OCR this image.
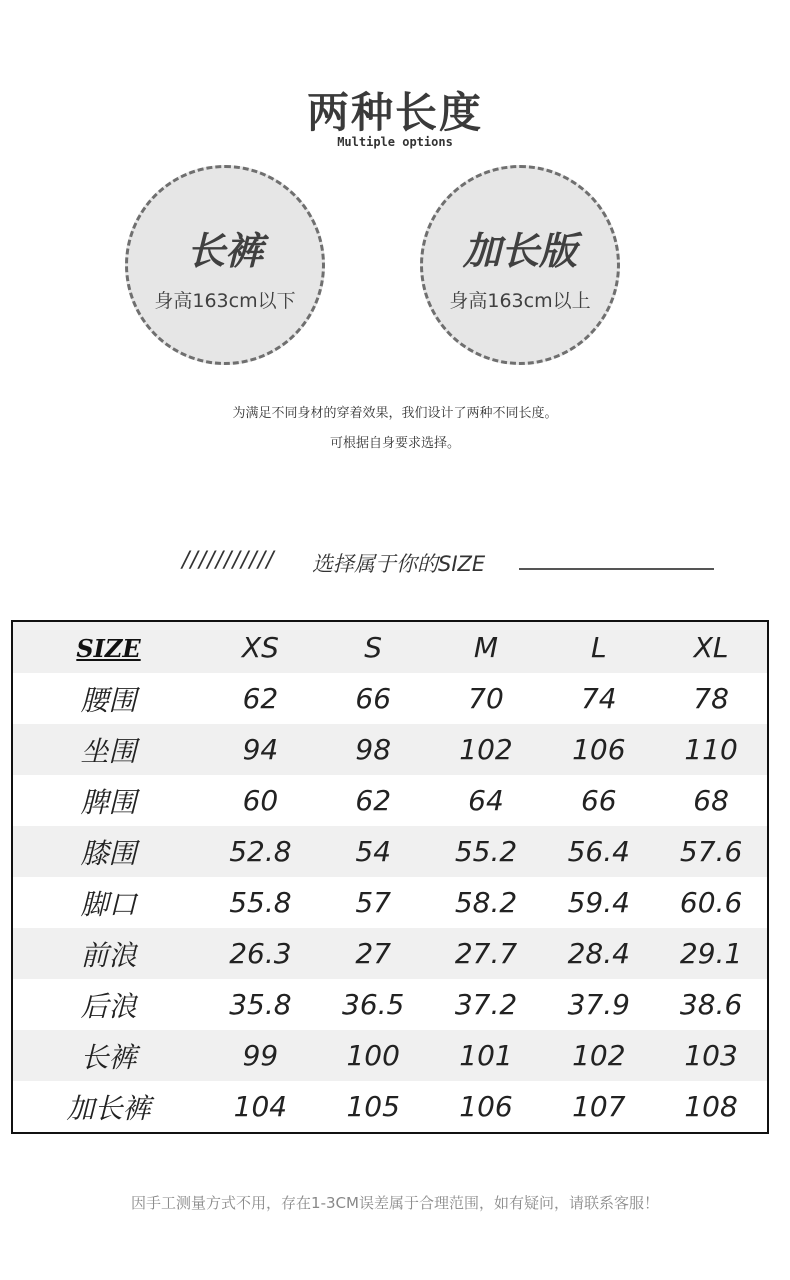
两种长度
Multiple options
长裤
身高163cm以下
加长版
身高163cm以上
为满足不同身材的穿着效果，我们设计了两种不同长度。
可根据自身要求选择。
/////////// 选择属于你的SIZE
SIZE	XS	S	M	L	XL
腰围	62	66	70	74	78
坐围	94	98	102	106	110
脾围	60	62	64	66	68
膝围	52.8	54	55.2	56.4	57.6
脚口	55.8	57	58.2	59.4	60.6
前浪	26.3	27	27.7	28.4	29.1
后浪	35.8	36.5	37.2	37.9	38.6
长裤	99	100	101	102	103
加长裤	104	105	106	107	108
因手工测量方式不用，存在1-3CM误差属于合理范围，如有疑问，请联系客服！
